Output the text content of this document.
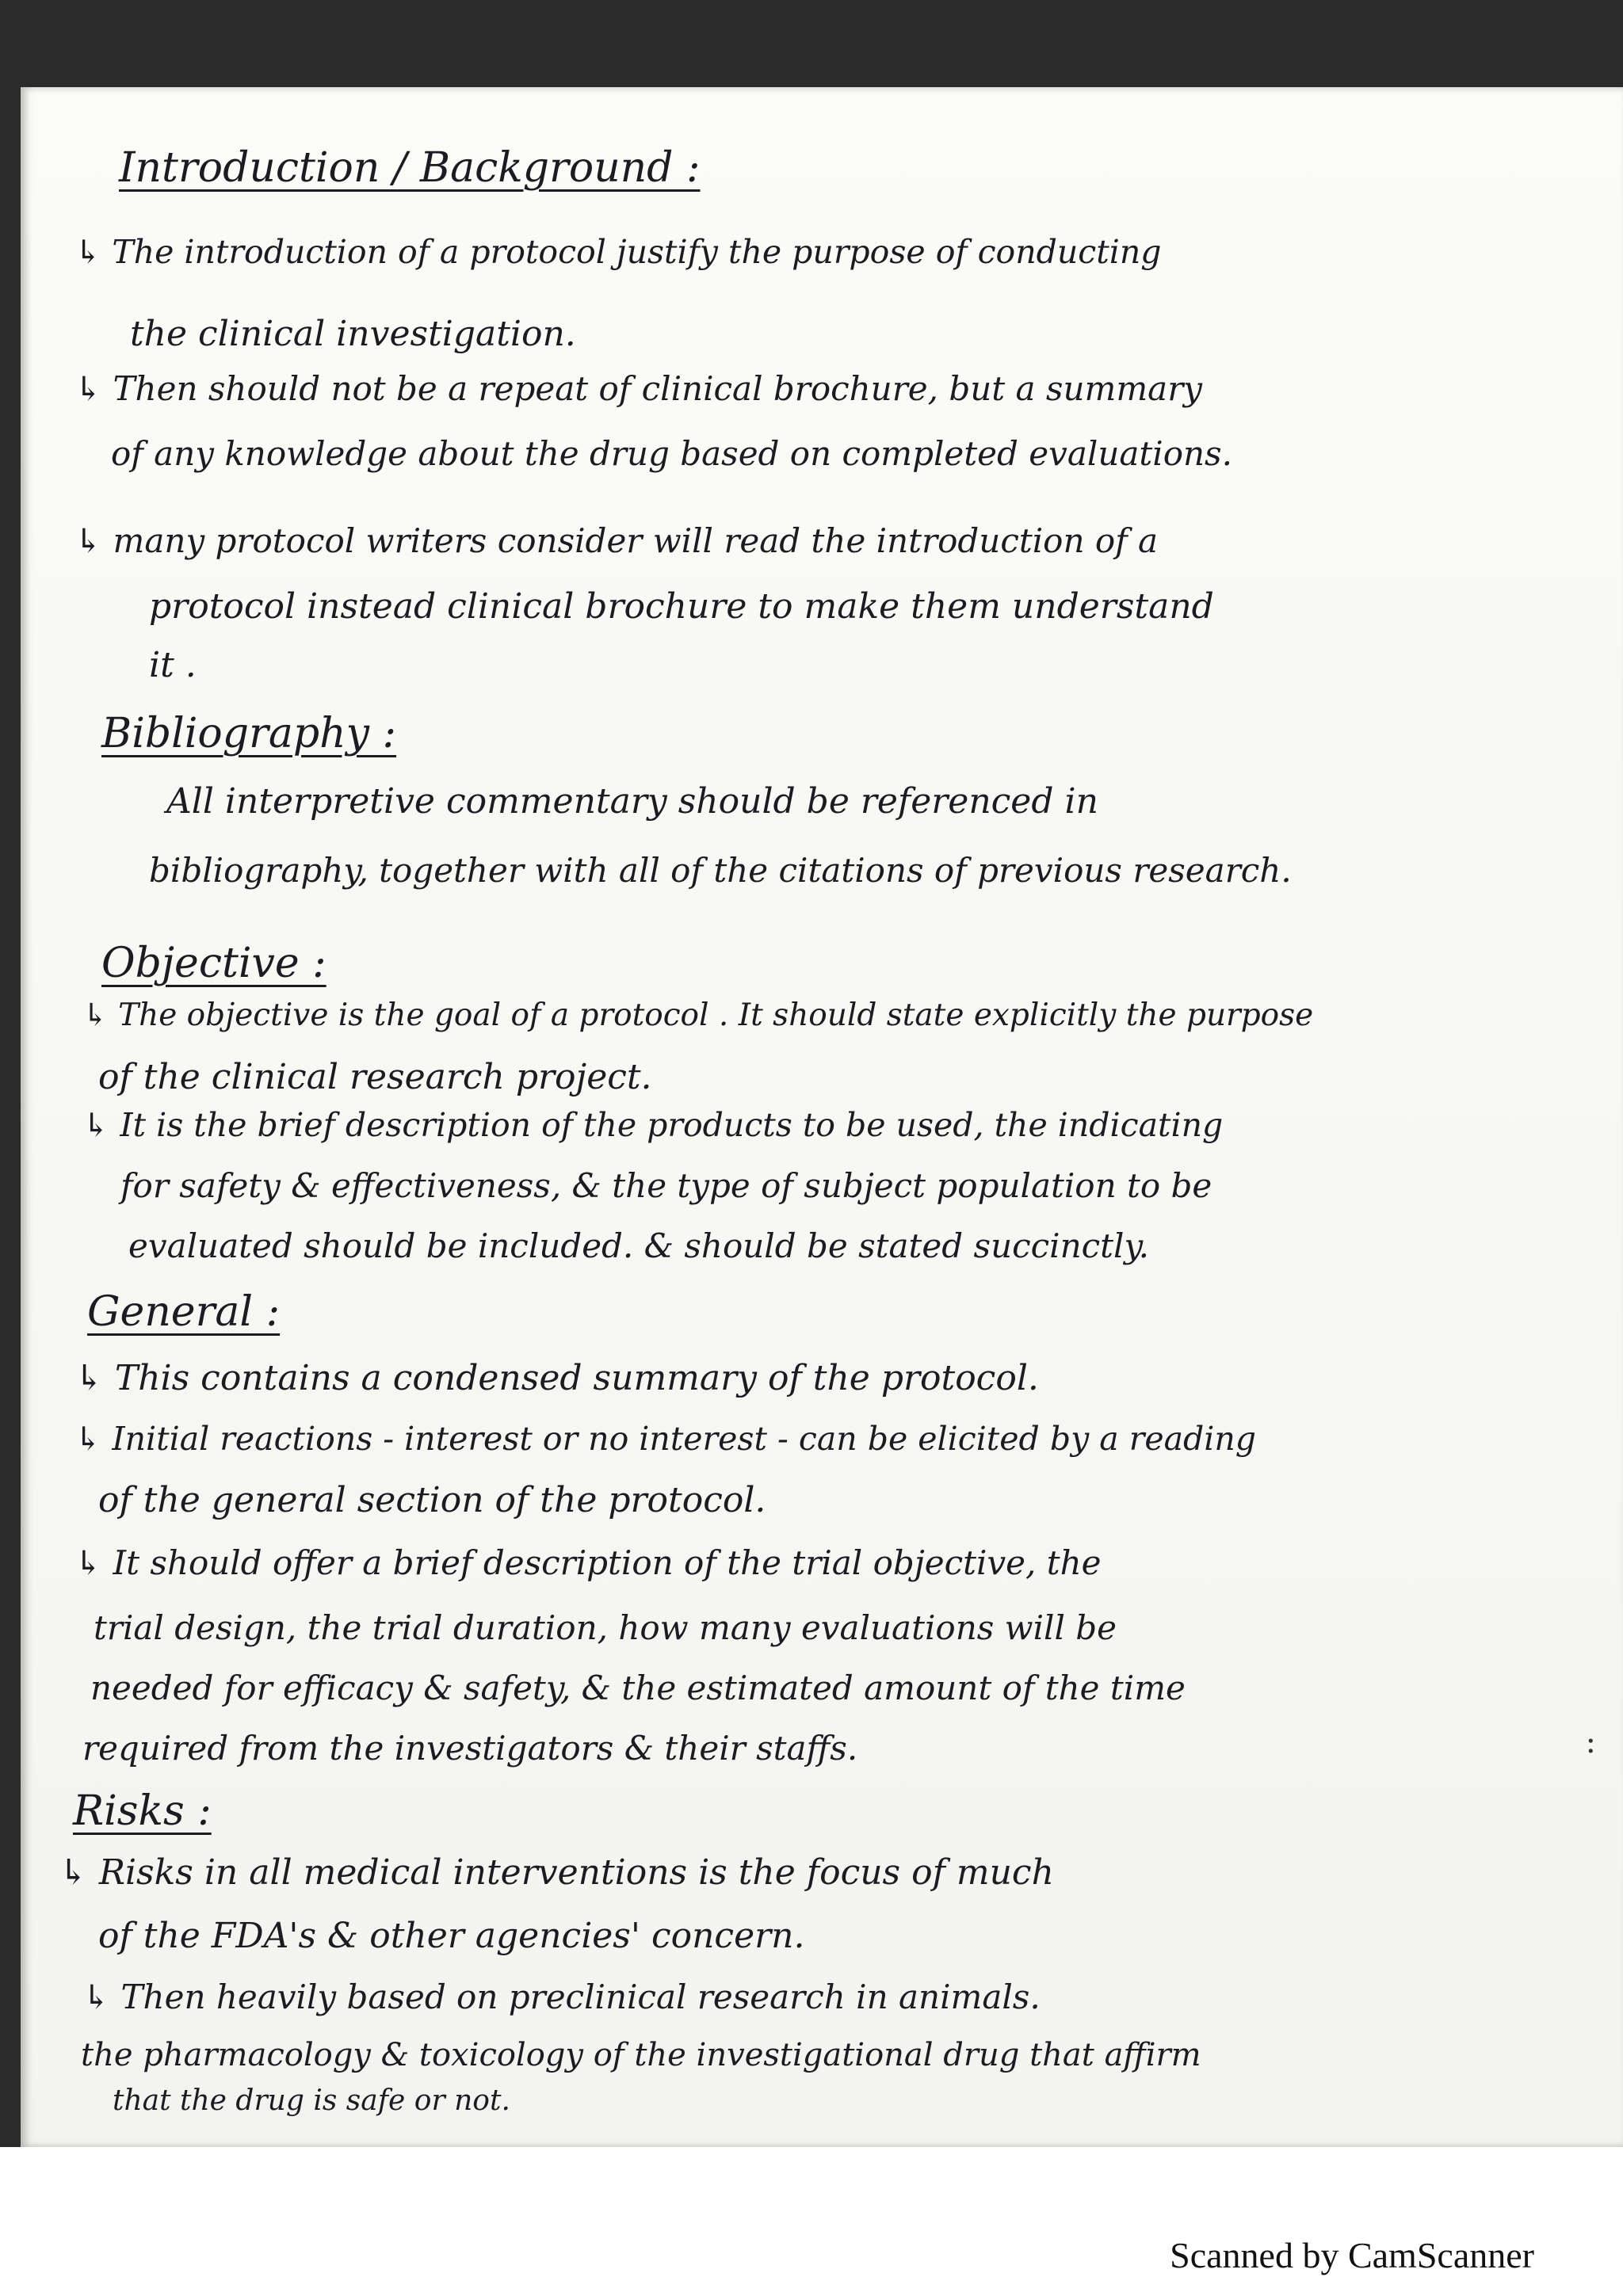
Introduction / Background :

↳ The introduction of a protocol justify the purpose of conducting

the clinical investigation.

↳ Then should not be a repeat of clinical brochure, but a summary

of any knowledge about the drug based on completed evaluations.

↳ many protocol writers consider will read the introduction of a

protocol instead clinical brochure to make them understand

it .

Bibliography :

All interpretive commentary should be referenced in

bibliography, together with all of the citations of previous research.

Objective :

↳ The objective is the goal of a protocol . It should state explicitly the purpose

of the clinical research project.

↳ It is the brief description of the products to be used, the indicating

for safety & effectiveness, & the type of subject population to be

evaluated should be included. & should be stated succinctly.

General :

↳ This contains a condensed summary of the protocol.

↳ Initial reactions - interest or no interest - can be elicited by a reading

of the general section of the protocol.

↳ It should offer a brief description of the trial objective, the

trial design, the trial duration, how many evaluations will be

needed for efficacy & safety, & the estimated amount of the time

required from the investigators & their staffs.

Risks :

↳ Risks in all medical interventions is the focus of much

of the FDA's & other agencies' concern.

↳ Then heavily based on preclinical research in animals.

the pharmacology & toxicology of the investigational drug that affirm

that the drug is safe or not.

:
Scanned by CamScanner
